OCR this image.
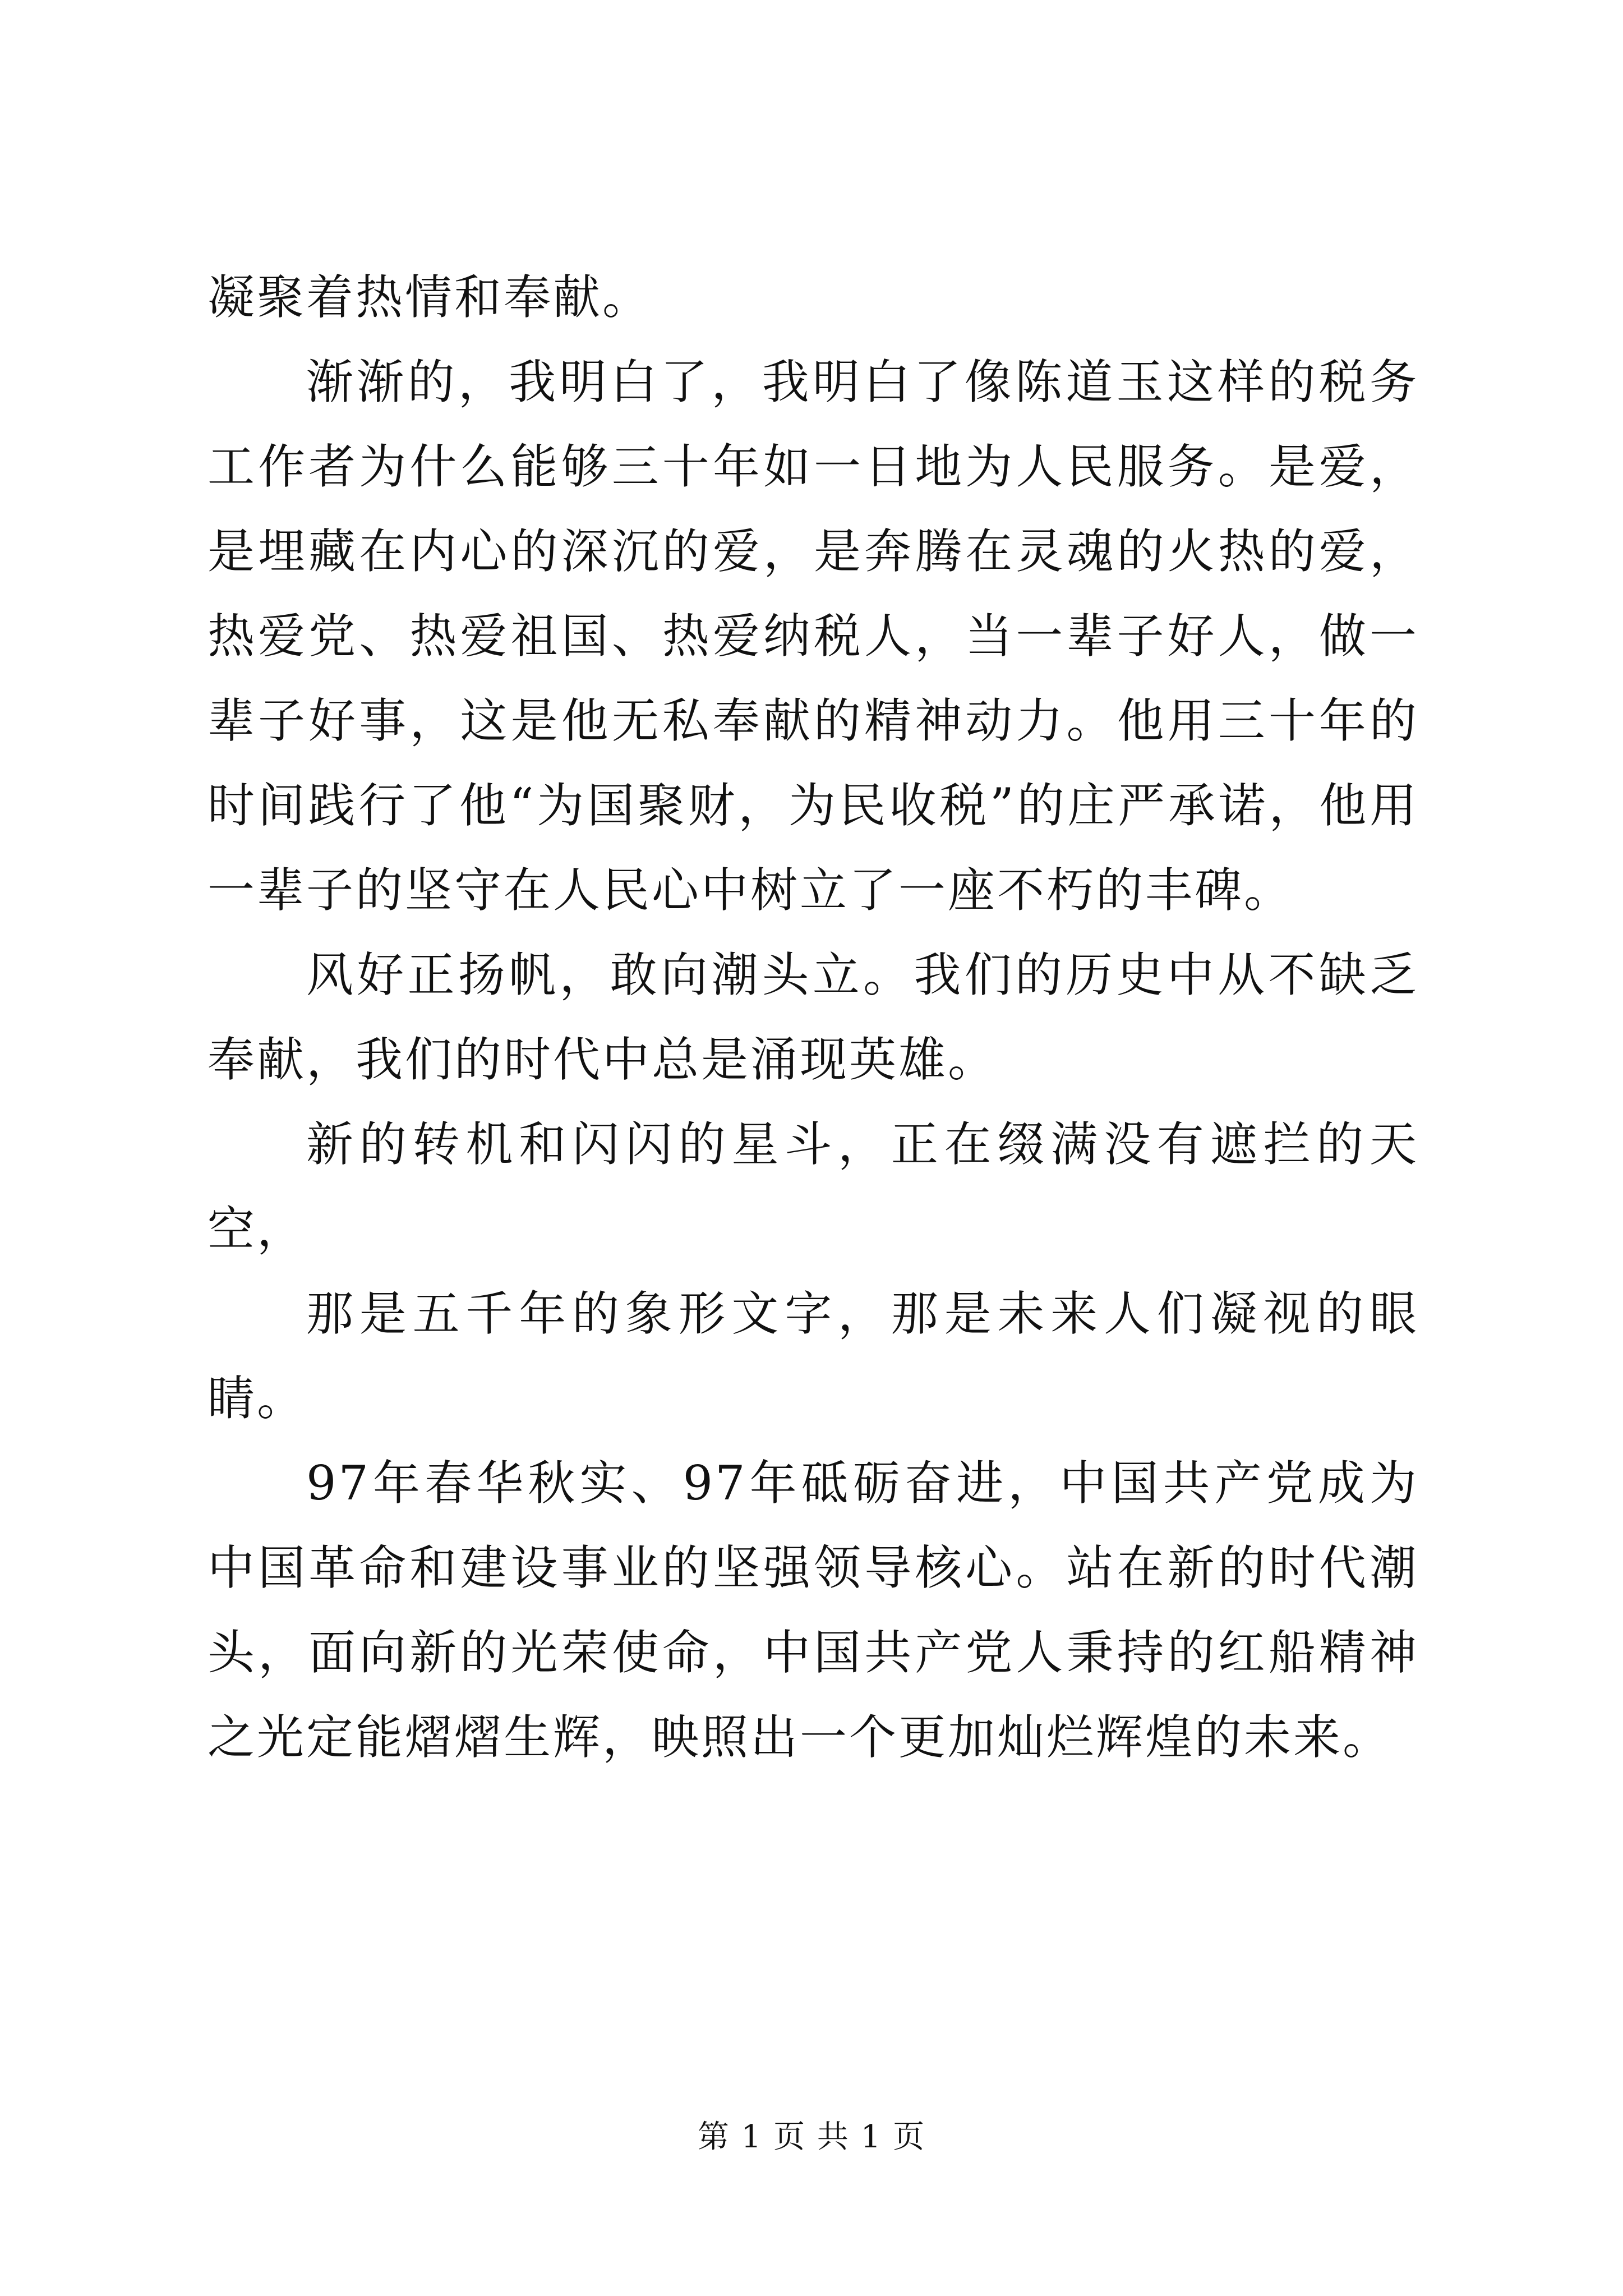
凝聚着热情和奉献。

渐渐的，我明白了，我明白了像陈道玉这样的税务工作者为什么能够三十年如一日地为人民服务。是爱，是埋藏在内心的深沉的爱，是奔腾在灵魂的火热的爱，热爱党、热爱祖国、热爱纳税人，当一辈子好人，做一辈子好事，这是他无私奉献的精神动力。他用三十年的时间践行了他“为国聚财，为民收税”的庄严承诺，他用一辈子的坚守在人民心中树立了一座不朽的丰碑。

风好正扬帆，敢向潮头立。我们的历史中从不缺乏奉献，我们的时代中总是涌现英雄。

新的转机和闪闪的星斗，正在缀满没有遮拦的天空，

那是五千年的象形文字，那是未来人们凝视的眼睛。

97年春华秋实、97年砥砺奋进，中国共产党成为中国革命和建设事业的坚强领导核心。站在新的时代潮头，面向新的光荣使命，中国共产党人秉持的红船精神之光定能熠熠生辉，映照出一个更加灿烂辉煌的未来。

第 1 页 共 1 页
